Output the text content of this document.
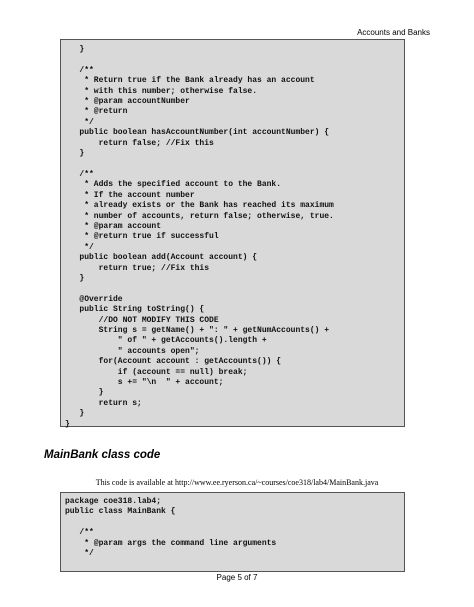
Accounts and Banks
}

/**
* Return true if the Bank already has an account
* with this number; otherwise false.
* @param accountNumber
* @return
*/
public boolean hasAccountNumber(int accountNumber) {
return false; //Fix this
}

/**
* Adds the specified account to the Bank.
* If the account number
* already exists or the Bank has reached its maximum
* number of accounts, return false; otherwise, true.
* @param account
* @return true if successful
*/
public boolean add(Account account) {
return true; //Fix this
}

@Override
public String toString() {
//DO NOT MODIFY THIS CODE
String s = getName() + ": " + getNumAccounts() +
" of " + getAccounts().length +
" accounts open";
for(Account account : getAccounts()) {
if (account == null) break;
s += "\n  " + account;
}
return s;
}
}
MainBank class code

This code is available at http://www.ee.ryerson.ca/~courses/coe318/lab4/MainBank.java

package coe318.lab4;
public class MainBank {

/**
* @param args the command line arguments
*/
Page 5 of 7
